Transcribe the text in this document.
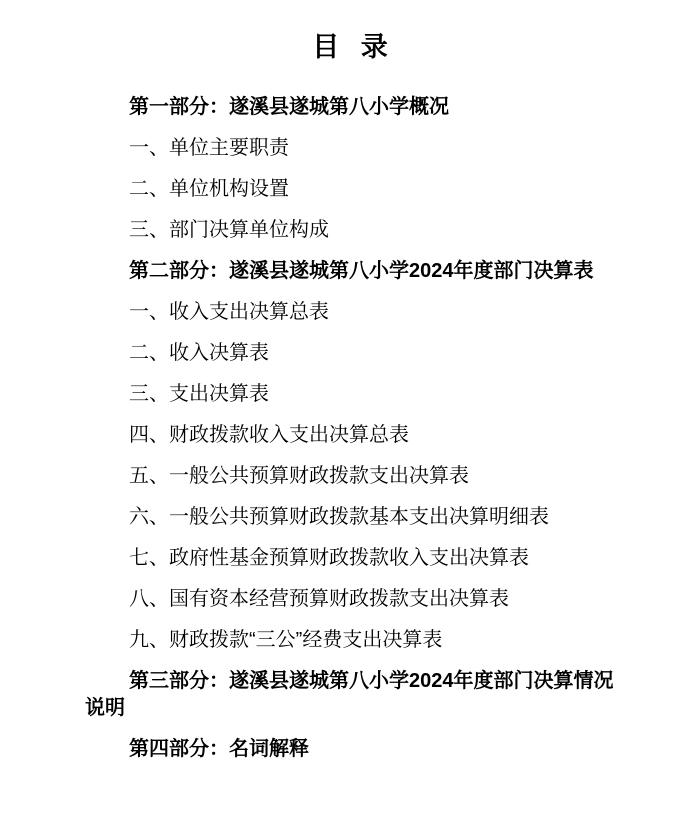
目 录

第一部分：遂溪县遂城第八小学概况

一、单位主要职责

二、单位机构设置

三、部门决算单位构成

第二部分：遂溪县遂城第八小学2024年度部门决算表

一、收入支出决算总表

二、收入决算表

三、支出决算表

四、财政拨款收入支出决算总表

五、一般公共预算财政拨款支出决算表

六、一般公共预算财政拨款基本支出决算明细表

七、政府性基金预算财政拨款收入支出决算表

八、国有资本经营预算财政拨款支出决算表

九、财政拨款“三公”经费支出决算表

第三部分：遂溪县遂城第八小学2024年度部门决算情况说明

第四部分：名词解释
